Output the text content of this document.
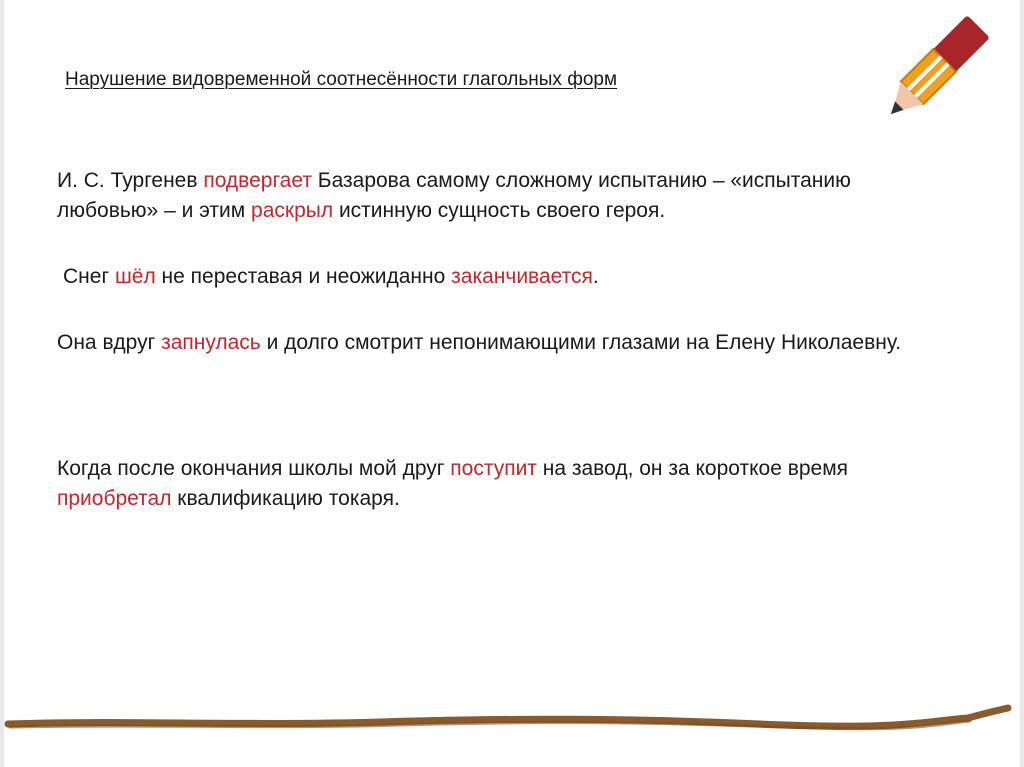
Нарушение видовременной соотнесённости глагольных форм

И. С. Тургенев подвергает Базарова самому сложному испытанию – «испытанию любовью» – и этим раскрыл истинную сущность своего героя.

Снег шёл не переставая и неожиданно заканчивается.

Она вдруг запнулась и долго смотрит непонимающими глазами на Елену Николаевну.

Когда после окончания школы мой друг поступит на завод, он за короткое время приобретал квалификацию токаря.
